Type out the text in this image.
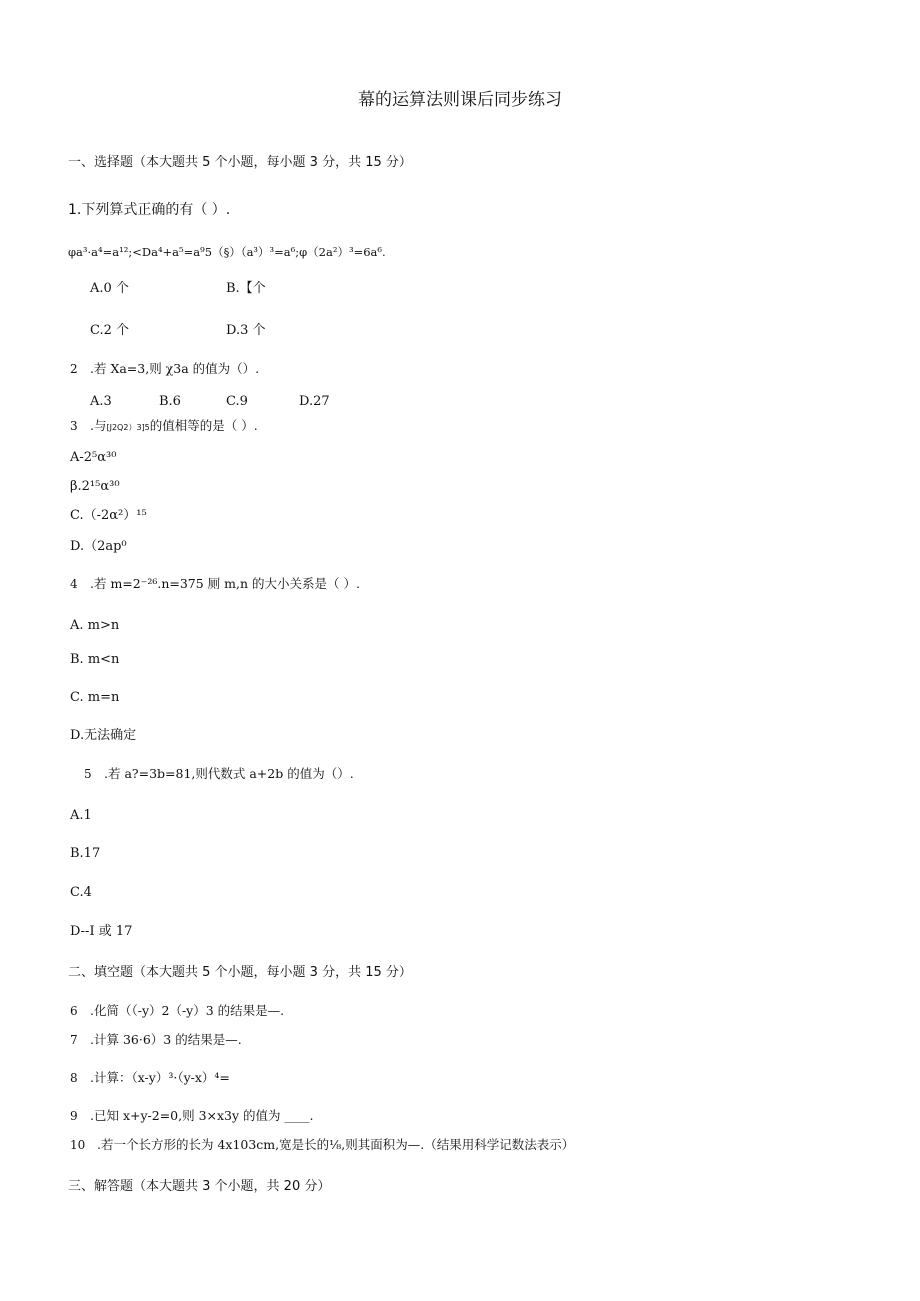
幕的运算法则课后同步练习
一、选择题（本大题共 5 个小题，每小题 3 分，共 15 分）
1.下列算式正确的有（ ）.
φa³·a⁴=a¹²;<Da⁴+a⁵=a⁹5（§）（a³）³=a⁶;φ（2a²）³=6a⁶.
A.0 个	B.【个
C.2 个	D.3 个
2 .若 Xa=3,则 χ3a 的值为（）.
A.3	B.6	C.9	D.27
3 .与[J2Q2）3]5的值相等的是（ ）.
A-2⁵α³⁰
β.2¹⁵α³⁰
C.（-2α²）¹⁵
D.（2ap⁰
4 .若 m=2⁻²⁶.n=375 厕 m,n 的大小关系是（ ）.
A. m>n
B. m<n
C. m=n
D.无法确定
5 .若 a?=3b=81,则代数式 a+2b 的值为（）.
A.1
B.17
C.4
D--I 或 17
二、填空题（本大题共 5 个小题，每小题 3 分，共 15 分）
6 .化简（（-y）2（-y）3 的结果是—.
7 .计算 36·6）3 的结果是—.
8 .计算：（x-y）³·（y-x）⁴=
9 .已知 x+y-2=0,则 3×x3y 的值为 ____.
10 .若一个长方形的长为 4x103cm,宽是长的⅛,则其面积为—.（结果用科学记数法表示）
三、解答题（本大题共 3 个小题，共 20 分）
